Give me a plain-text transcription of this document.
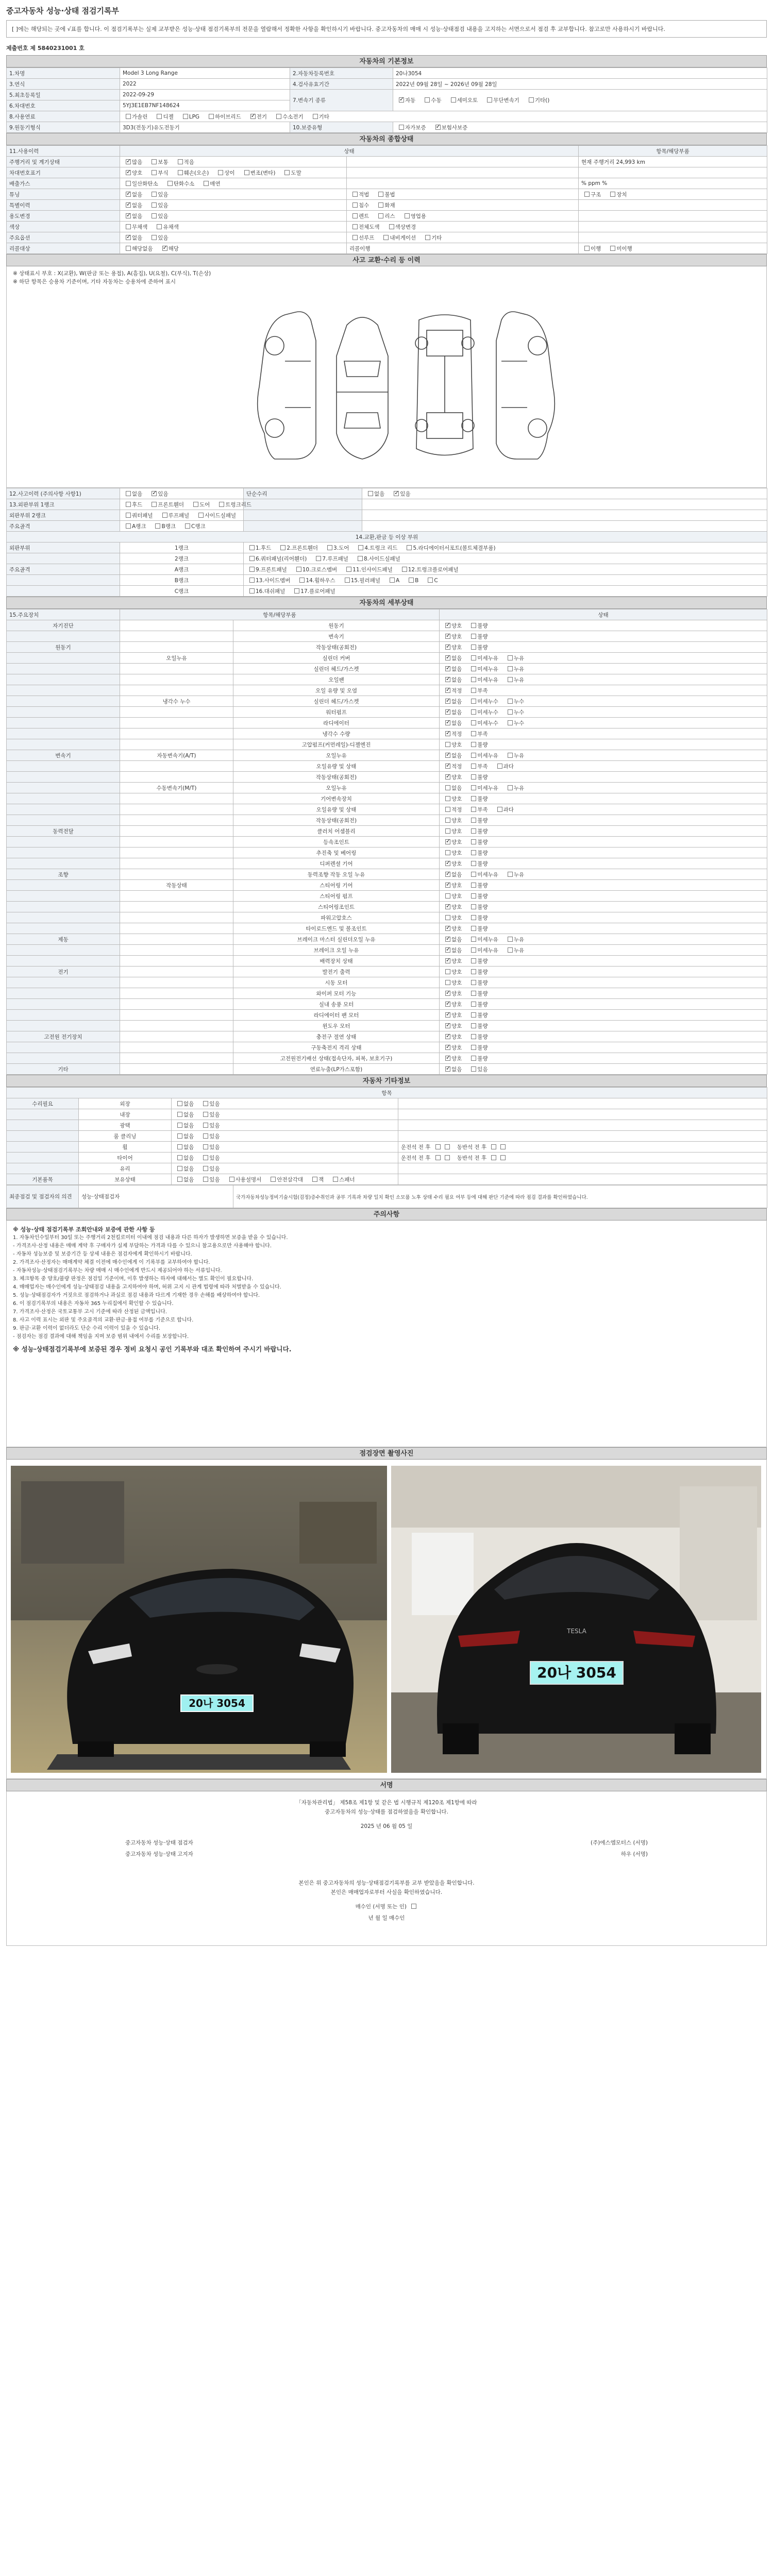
중고자동차 성능·상태 점검기록부
[ ]에는 해당되는 곳에 √표를 합니다. 이 점검기록부는 실제 교부받은 성능·상태 점검기록부의 전문을 열람해서 정확한 사항을 확인하시기 바랍니다. 중고자동차의 매매 시 성능·상태점검 내용을 고지하는 서면으로서 점검 후 교부합니다. 참고로만 사용하시기 바랍니다.
제출번호 제 5840231001 호
자동차의 기본정보
1.차명	Model 3 Long Range	2.자동차등록번호	20나3054
3.연식	2022	4.검사유효기간	2022년 09월 28일 ~ 2026년 09월 28일
5.최초등록일	2022-09-29	7.변속기 종류	✓자동 수동 세미오토 무단변속기 기타()
6.차대번호	5YJ3E1EB7NF148624		
8.사용연료	가솔린 디젤 LPG 하이브리드 ✓ 전기 수소전기 기타
9.원동기형식	3D3(전동기)유도전동기	10.보증유형	자가보증 ✓ 보험사보증
자동차의 종합상태
11.사용이력	상태		항목/해당부품
주행거리 및 계기상태	✓많음 보통 적음		현재 주행거리 24,993 km
차대번호표기	✓양호 부식 훼손(오손) 상이 변조(변타) 도말		
배출가스	일산화탄소 탄화수소 매연		% ppm %
튜닝	✓없음 있음	적법 불법	구조 장치
특별이력	✓없음 있음	침수 화재	
용도변경	✓없음 있음	렌트 리스 영업용	
색상	무채색 유채색	전체도색 색상변경	
주요옵션	✓없음 있음	선루프 내비게이션 기타	
리콜대상	해당없음 ✓ 해당	리콜이행	이행 미이행
사고 교환·수리 등 이력
※ 상태표시 부호 : X(교환), W(판금 또는 용접), A(흠집), U(요철), C(부식), T(손상)
※ 하단 항목은 승용차 기준이며, 기타 자동차는 승용차에 준하여 표시
12.사고이력 (주의사항 사항1)	없음 ✓ 있음	단순수리	없음 ✓ 있음
13.외판부위 1랭크	후드 프론트휀더 도어 트렁크리드		
외판부위 2랭크	쿼터패널 루프패널 사이드실패널		
주요골격	A랭크 B랭크 C랭크		
14.교환,판금 등 이상 부위			
외판부위	1랭크	1.후드 2.프론트휀더 3.도어 4.트렁크 리드 5.라디에이터서포트(볼트체결부품)	
	2랭크	6.쿼터패널(리어휀더) 7.루프패널 8.사이드실패널	
주요골격	A랭크	9.프론트패널 10.크로스멤버 11.인사이드패널 12.트렁크플로어패널	
	B랭크	13.사이드멤버 14.휠하우스 15.필러패널 A B C	
	C랭크	16.대쉬패널 17.플로어패널	
자동차의 세부상태
15.주요장치	항목/해당부품		상태
자기진단		원동기	✓양호 불량
		변속기	✓양호 불량
원동기		작동상태(공회전)	✓양호 불량
	오일누유	실린더 커버	✓없음 미세누유 누유
		실린더 헤드/가스켓	✓없음 미세누유 누유
		오일팬	✓없음 미세누유 누유
		오일 유량 및 오염	✓적정 부족
	냉각수 누수	실린더 헤드/가스켓	✓없음 미세누수 누수
		워터펌프	✓없음 미세누수 누수
		라디에이터	✓없음 미세누수 누수
		냉각수 수량	✓적정 부족
		고압펌프(커먼레일)-디젤엔진	양호 불량
변속기	자동변속기(A/T)	오일누유	✓없음 미세누유 누유
		오일유량 및 상태	✓적정 부족 과다
		작동상태(공회전)	✓양호 불량
	수동변속기(M/T)	오일누유	없음 미세누유 누유
		기어변속장치	양호 불량
		오일유량 및 상태	적정 부족 과다
		작동상태(공회전)	양호 불량
동력전달		클러치 어셈블리	양호 불량
		등속조인트	✓양호 불량
		추진축 및 베어링	양호 불량
		디퍼렌셜 기어	✓양호 불량
조향		동력조향 작동 오일 누유	✓없음 미세누유 누유
	작동상태	스티어링 기어	✓양호 불량
		스티어링 펌프	양호 불량
		스티어링조인트	✓양호 불량
		파워고압호스	양호 불량
		타이로드엔드 및 볼조인트	✓양호 불량
제동		브레이크 마스터 실린더오일 누유	✓없음 미세누유 누유
		브레이크 오일 누유	✓없음 미세누유 누유
		배력장치 상태	✓양호 불량
전기		발전기 출력	양호 불량
		시동 모터	양호 불량
		와이퍼 모터 기능	✓양호 불량
		실내 송풍 모터	✓양호 불량
		라디에이터 팬 모터	✓양호 불량
		윈도우 모터	✓양호 불량
고전원 전기장치		충전구 절연 상태	✓양호 불량
		구동축전지 격리 상태	✓양호 불량
		고전원전기배선 상태(접속단자, 피복, 보호기구)	✓양호 불량
기타		연료누출(LP가스포함)	✓없음 있음
자동차 기타정보
항목			
수리필요	외장	없음 있음	
	내장	없음 있음	
	광택	없음 있음	
	룸 클리닝	없음 있음	
	휠	없음 있음	운전석 전 후 동반석 전 후
	타이어	없음 있음	운전석 전 후 동반석 전 후
	유리	없음 있음	
기본품목	보유상태	없음 있음 사용설명서 안전삼각대 잭 스패너	
최종점검 및 점검자의 의견	성능·상태점검자	국가자동차성능정비기술시험(검정)증수취인과 공부 기록과 차량 일치 확인 소모품 노후 상태 수리 필요 여부 등에 대해 판단 기준에 따라 점검 결과를 확인하였습니다.
주의사항
※ 성능·상태 점검기록부 조회안내와 보증에 관한 사항 등
1. 자동차인수일부터 30일 또는 주행거리 2천킬로미터 이내에 점검 내용과 다른 하자가 발생하면 보증을 받을 수 있습니다.
- 가격조사·산정 내용은 매매 계약 후 구매자가 실제 부담하는 가격과 다를 수 있으니 참고용으로만 사용해야 합니다.
- 자동차 성능보증 및 보증기간 등 상세 내용은 점검자에게 확인하시기 바랍니다.
2. 가격조사·산정자는 매매계약 체결 이전에 매수인에게 이 기록부를 교부하여야 합니다.
- 자동차성능·상태점검기록부는 차량 매매 시 매수인에게 반드시 제공되어야 하는 서류입니다.
3. 체크항목 중 양호/불량 판정은 점검일 기준이며, 이후 발생하는 하자에 대해서는 별도 확인이 필요합니다.
4. 매매업자는 매수인에게 성능·상태점검 내용을 고지하여야 하며, 허위 고지 시 관계 법령에 따라 처벌받을 수 있습니다.
5. 성능·상태점검자가 거짓으로 점검하거나 과실로 점검 내용과 다르게 기재한 경우 손해를 배상하여야 합니다.
6. 이 점검기록부의 내용은 자동차 365 누리집에서 확인할 수 있습니다.
7. 가격조사·산정은 국토교통부 고시 기준에 따라 산정된 금액입니다.
8. 사고 이력 표시는 외판 및 주요골격의 교환·판금·용접 여부를 기준으로 합니다.
9. 판금·교환 이력이 없더라도 단순 수리 이력이 있을 수 있습니다.
- 점검자는 점검 결과에 대해 책임을 지며 보증 범위 내에서 수리를 보장합니다.
※ 성능·상태점검기록부에 보증된 경우 정비 요청시 공인 기록부와 대조 확인하여 주시기 바랍니다.
점검장면 촬영사진
20나 3054
TESLA
20나 3054
서명
「자동차관리법」 제58조 제1항 및 같은 법 시행규칙 제120조 제1항에 따라
중고자동차의 성능·상태를 점검하였음을 확인합니다.
2025 년 06 월 05 일
중고자동차 성능·상태 점검자
중고자동차 성능·상태 고지자
(주)에스엠모터스 (서명)
하우 (서명)
본인은 위 중고자동차의 성능·상태점검기록부를 교부 받았음을 확인합니다.
본인은 매매업자로부터 사실을 확인하였습니다.
매수인 (서명 또는 인)
년 월 일 매수인
